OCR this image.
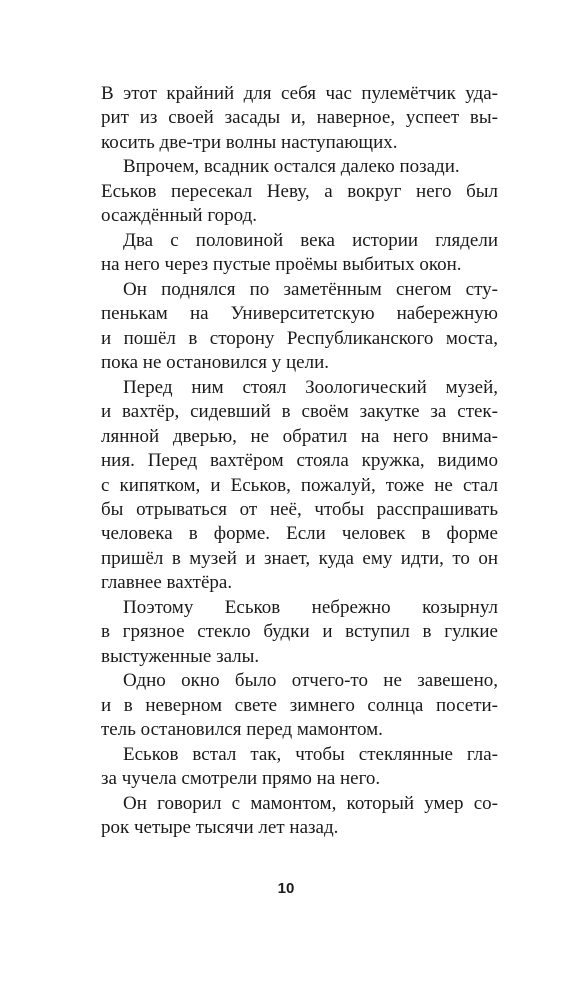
В этот крайний для себя час пулемётчик уда-
рит из своей засады и, наверное, успеет вы-
косить две-три волны наступающих.
Впрочем, всадник остался далеко позади.
Еськов пересекал Неву, а вокруг него был
осаждённый город.
Два с половиной века истории глядели
на него через пустые проёмы выбитых окон.
Он поднялся по заметённым снегом сту-
пенькам на Университетскую набережную
и пошёл в сторону Республиканского моста,
пока не остановился у цели.
Перед ним стоял Зоологический музей,
и вахтёр, сидевший в своём закутке за стек-
лянной дверью, не обратил на него внима-
ния. Перед вахтёром стояла кружка, видимо
с кипятком, и Еськов, пожалуй, тоже не стал
бы отрываться от неё, чтобы расспрашивать
человека в форме. Если человек в форме
пришёл в музей и знает, куда ему идти, то он
главнее вахтёра.
Поэтому Еськов небрежно козырнул
в грязное стекло будки и вступил в гулкие
выстуженные залы.
Одно окно было отчего-то не завешено,
и в неверном свете зимнего солнца посети-
тель остановился перед мамонтом.
Еськов встал так, чтобы стеклянные гла-
за чучела смотрели прямо на него.
Он говорил с мамонтом, который умер со-
рок четыре тысячи лет назад.
10
